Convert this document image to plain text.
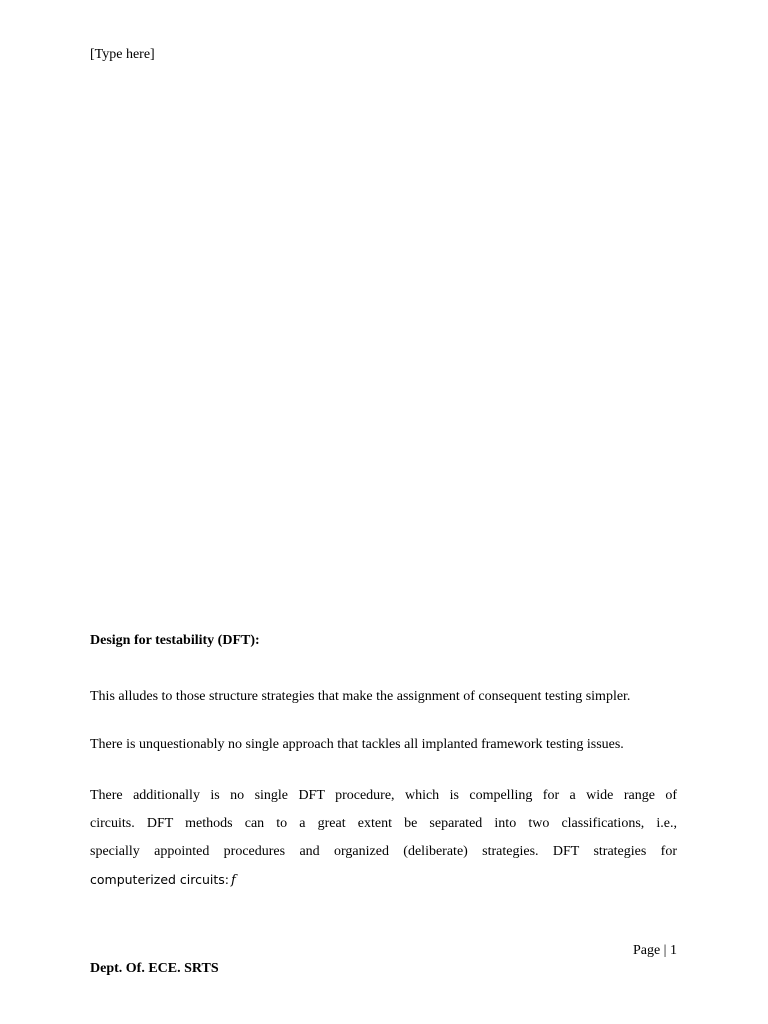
[Type here]
Design for testability (DFT):
This alludes to those structure strategies that make the assignment of consequent testing simpler.
There is unquestionably no single approach that tackles all implanted framework testing issues.
There additionally is no single DFT procedure, which is compelling for a wide range of
circuits. DFT methods can to a great extent be separated into two classifications, i.e.,
specially appointed procedures and organized (deliberate) strategies. DFT strategies for
computerized circuits: f
Page | 1
Dept. Of. ECE. SRTS
